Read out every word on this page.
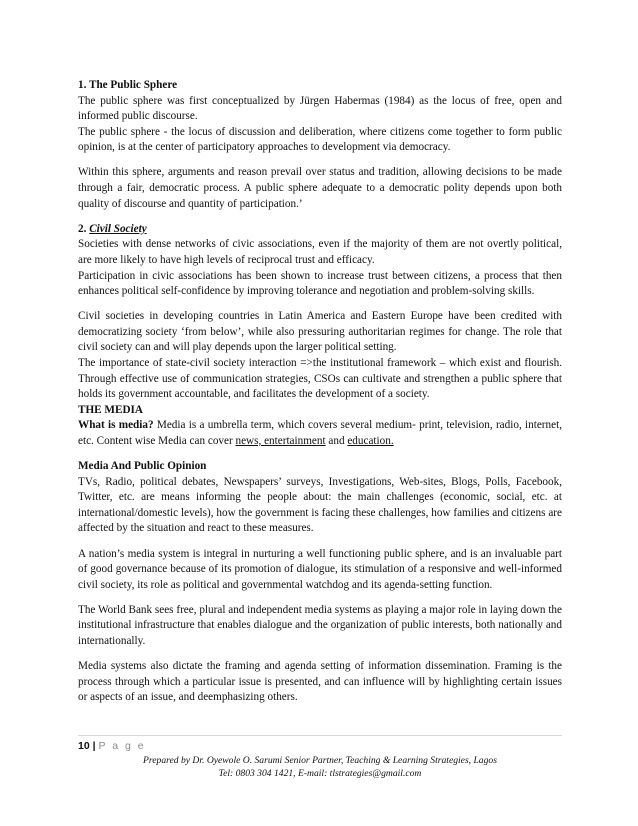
1. The Public Sphere

The public sphere was first conceptualized by Jürgen Habermas (1984) as the locus of free, open and informed public discourse.

The public sphere - the locus of discussion and deliberation, where citizens come together to form public opinion, is at the center of participatory approaches to development via democracy.

Within this sphere, arguments and reason prevail over status and tradition, allowing decisions to be made through a fair, democratic process. A public sphere adequate to a democratic polity depends upon both quality of discourse and quantity of participation.’

2. Civil Society

Societies with dense networks of civic associations, even if the majority of them are not overtly political, are more likely to have high levels of reciprocal trust and efficacy.

Participation in civic associations has been shown to increase trust between citizens, a process that then enhances political self-confidence by improving tolerance and negotiation and problem-solving skills.

Civil societies in developing countries in Latin America and Eastern Europe have been credited with democratizing society ‘from below’, while also pressuring authoritarian regimes for change. The role that civil society can and will play depends upon the larger political setting.

The importance of state-civil society interaction =>the institutional framework – which exist and flourish. Through effective use of communication strategies, CSOs can cultivate and strengthen a public sphere that holds its government accountable, and facilitates the development of a society.

THE MEDIA

What is media? Media is a umbrella term, which covers several medium- print, television, radio, internet, etc. Content wise Media can cover news, entertainment and education.

Media And Public Opinion

TVs, Radio, political debates, Newspapers’ surveys, Investigations, Web-sites, Blogs, Polls, Facebook, Twitter, etc. are means informing the people about: the main challenges (economic, social, etc. at international/domestic levels), how the government is facing these challenges, how families and citizens are affected by the situation and react to these measures.

A nation’s media system is integral in nurturing a well functioning public sphere, and is an invaluable part of good governance because of its promotion of dialogue, its stimulation of a responsive and well-informed civil society, its role as political and governmental watchdog and its agenda-setting function.

The World Bank sees free, plural and independent media systems as playing a major role in laying down the institutional infrastructure that enables dialogue and the organization of public interests, both nationally and internationally.

Media systems also dictate the framing and agenda setting of information dissemination. Framing is the process through which a particular issue is presented, and can influence will by highlighting certain issues or aspects of an issue, and deemphasizing others.

10 | P a g e
Prepared by Dr. Oyewole O. Sarumi Senior Partner, Teaching & Learning Strategies, Lagos
Tel: 0803 304 1421, E-mail: tlstrategies@gmail.com
